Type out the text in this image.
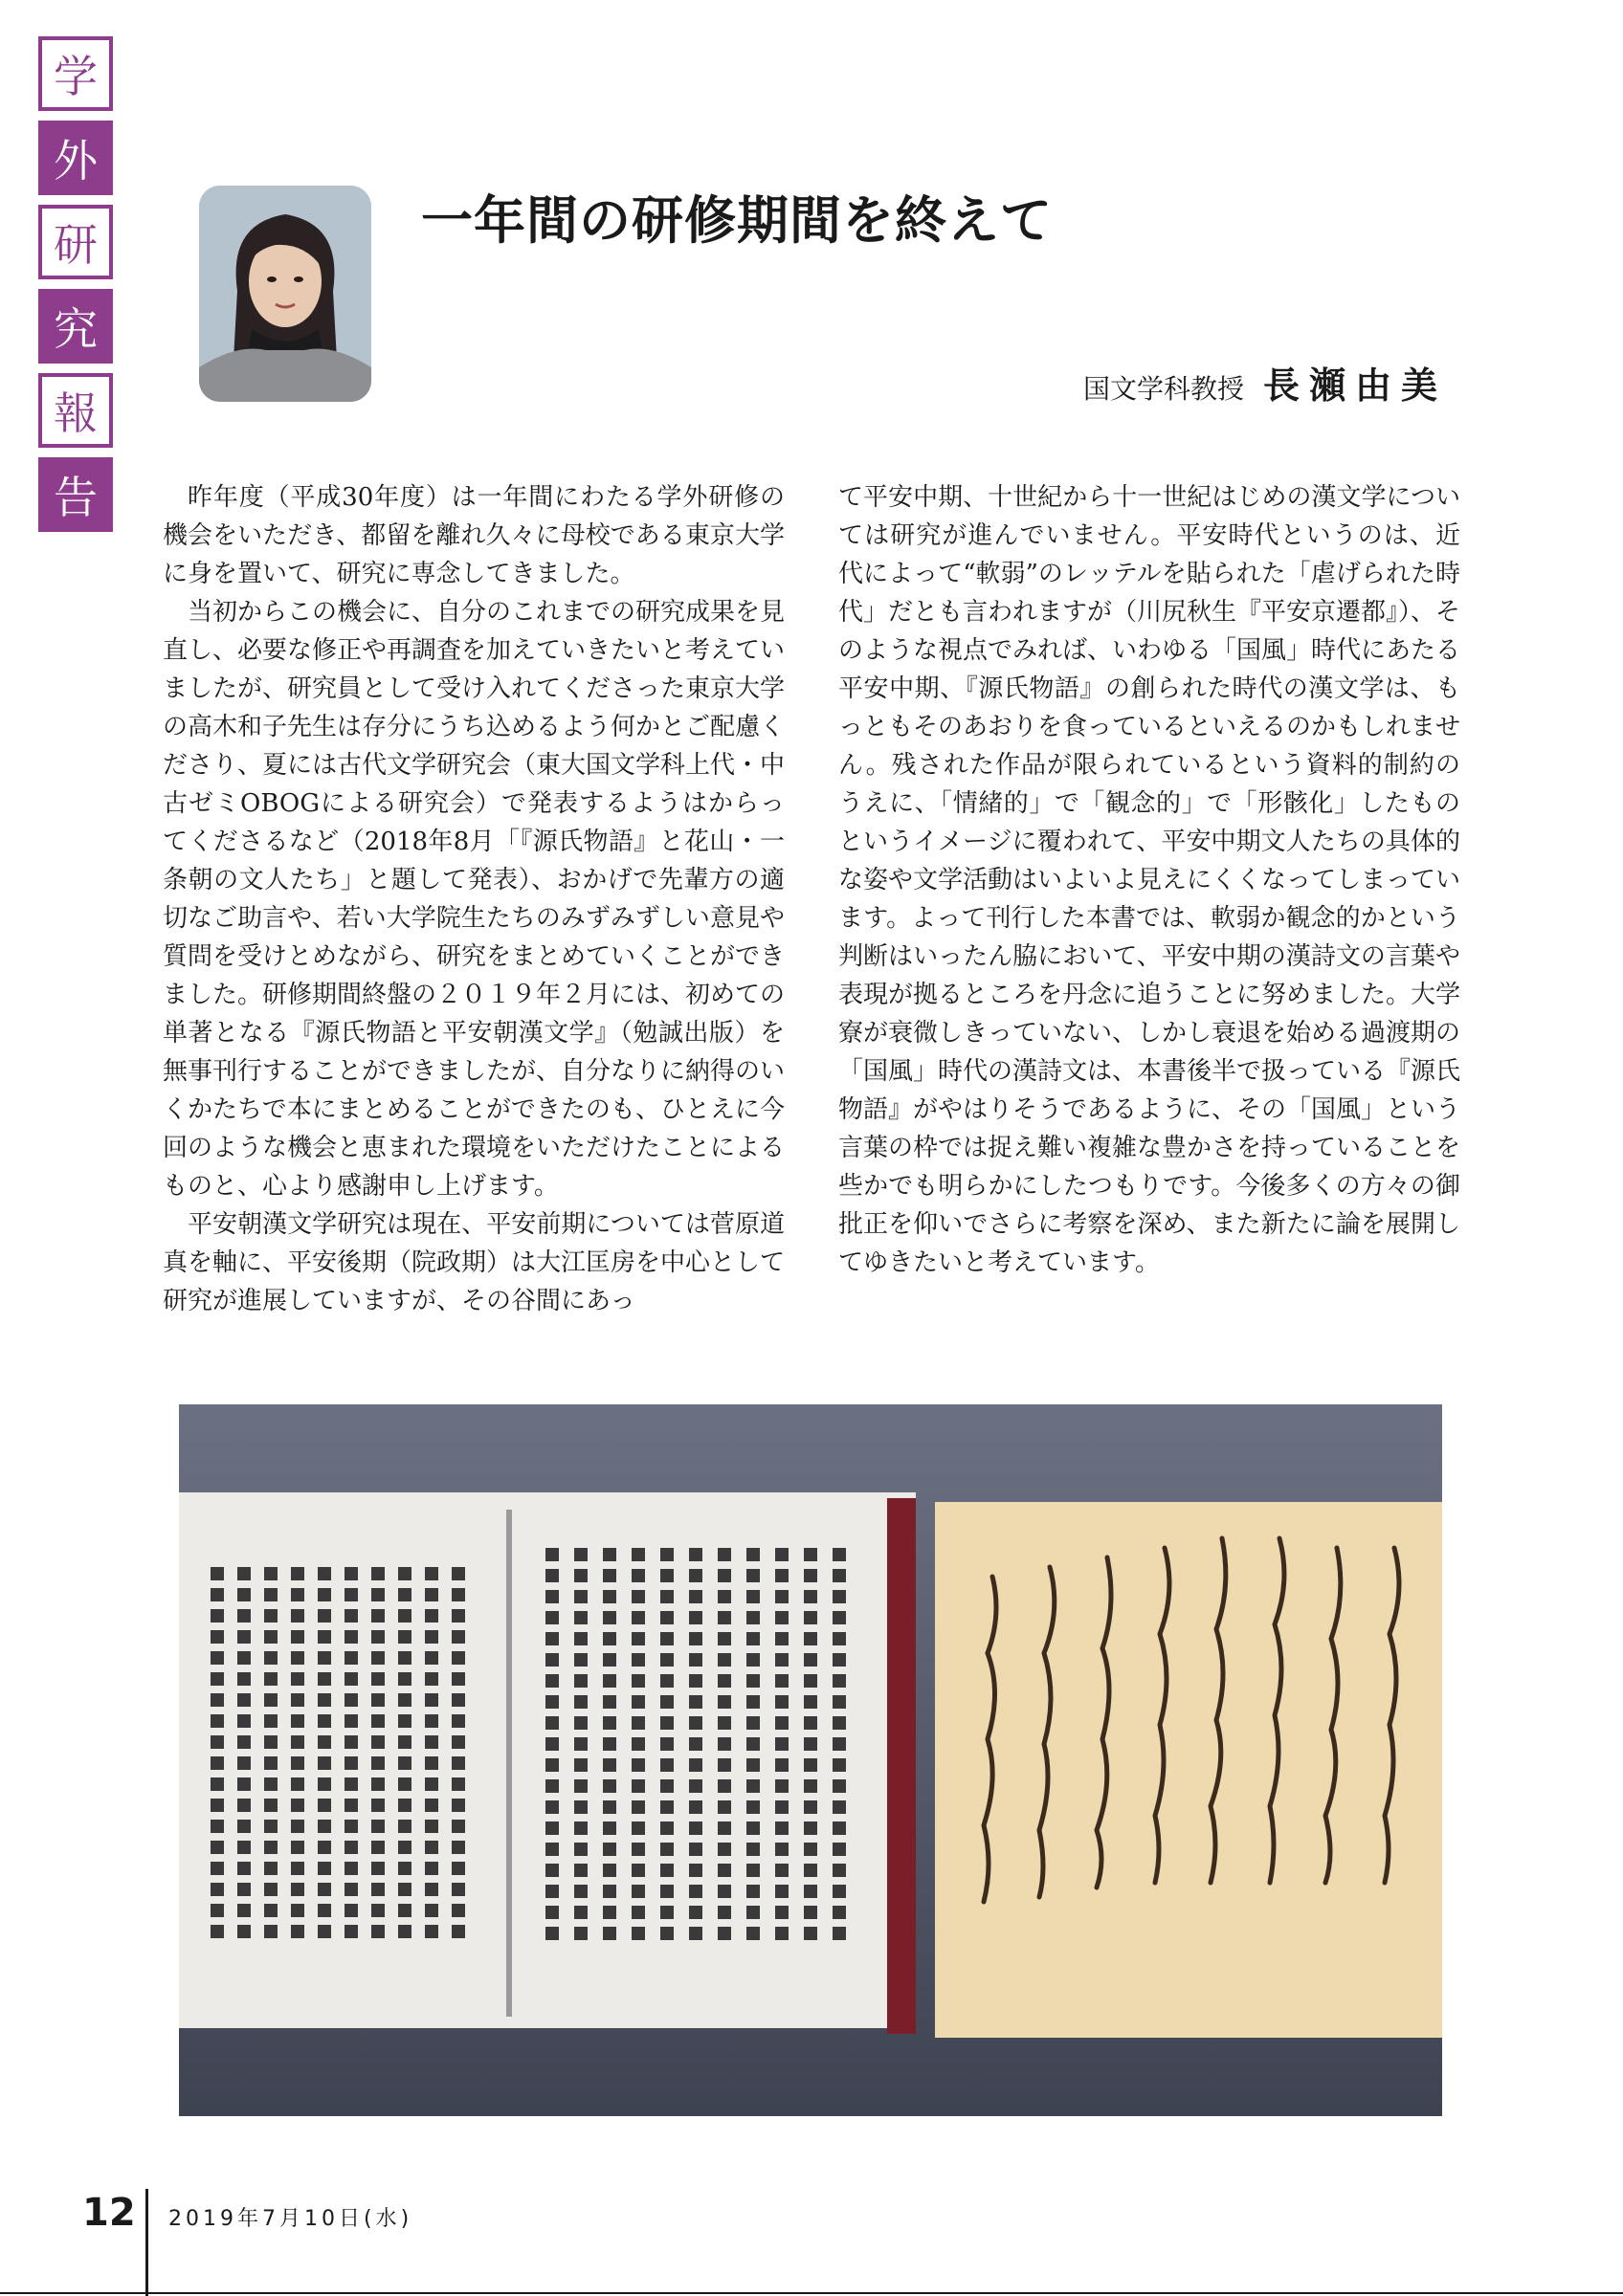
学
外
研
究
報
告
一年間の研修期間を終えて
国文学科教授 長瀬由美

昨年度（平成30年度）は一年間にわたる学外研修の機会をいただき、都留を離れ久々に母校である東京大学に身を置いて、研究に専念してきました。

当初からこの機会に、自分のこれまでの研究成果を見直し、必要な修正や再調査を加えていきたいと考えていましたが、研究員として受け入れてくださった東京大学の高木和子先生は存分にうち込めるよう何かとご配慮くださり、夏には古代文学研究会（東大国文学科上代・中古ゼミOBOGによる研究会）で発表するようはからってくださるなど（2018年8月「『源氏物語』と花山・一条朝の文人たち」と題して発表）、おかげで先輩方の適切なご助言や、若い大学院生たちのみずみずしい意見や質問を受けとめながら、研究をまとめていくことができました。研修期間終盤の２０１９年２月には、初めての単著となる『源氏物語と平安朝漢文学』（勉誠出版）を無事刊行することができましたが、自分なりに納得のいくかたちで本にまとめることができたのも、ひとえに今回のような機会と恵まれた環境をいただけたことによるものと、心より感謝申し上げます。

平安朝漢文学研究は現在、平安前期については菅原道真を軸に、平安後期（院政期）は大江匡房を中心として研究が進展していますが、その谷間にあっ

て平安中期、十世紀から十一世紀はじめの漢文学については研究が進んでいません。平安時代というのは、近代によって“軟弱”のレッテルを貼られた「虐げられた時代」だとも言われますが（川尻秋生『平安京遷都』）、そのような視点でみれば、いわゆる「国風」時代にあたる平安中期、『源氏物語』の創られた時代の漢文学は、もっともそのあおりを食っているといえるのかもしれません。残された作品が限られているという資料的制約のうえに、「情緒的」で「観念的」で「形骸化」したものというイメージに覆われて、平安中期文人たちの具体的な姿や文学活動はいよいよ見えにくくなってしまっています。よって刊行した本書では、軟弱か観念的かという判断はいったん脇において、平安中期の漢詩文の言葉や表現が拠るところを丹念に追うことに努めました。大学寮が衰微しきっていない、しかし衰退を始める過渡期の「国風」時代の漢詩文は、本書後半で扱っている『源氏物語』がやはりそうであるように、その「国風」という言葉の枠では捉え難い複雑な豊かさを持っていることを些かでも明らかにしたつもりです。今後多くの方々の御批正を仰いでさらに考察を深め、また新たに論を展開してゆきたいと考えています。

12 2019年7月10日(水)
